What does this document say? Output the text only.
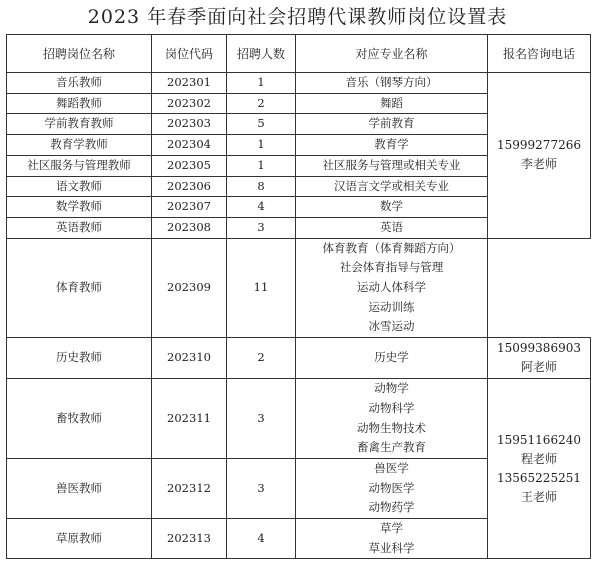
2023 年春季面向社会招聘代课教师岗位设置表
招聘岗位名称	岗位代码	招聘人数	对应专业名称	报名咨询电话
音乐教师	202301	1	音乐（钢琴方向）	15999277266
李老师

舞蹈教师	202302	2	舞蹈	
学前教育教师	202303	5	学前教育	
教育学教师	202304	1	教育学	
社区服务与管理教师	202305	1	社区服务与管理或相关专业	
语文教师	202306	8	汉语言文学或相关专业	
数学教师	202307	4	数学	
英语教师	202308	3	英语	
体育教师	202309	11	体育教育（体育舞蹈方向）
社会体育指导与管理
运动人体科学
运动训练
冰雪运动	

历史教师	202310	2	历史学	15099386903
阿老师

畜牧教师	202311	3	动物学
动物科学
动物生物技术
畜禽生产教育	15951166240
程老师
13565225251
王老师

兽医教师	202312	3	兽医学
动物医学
动物药学	

草原教师	202313	4	草学
草业科学	
